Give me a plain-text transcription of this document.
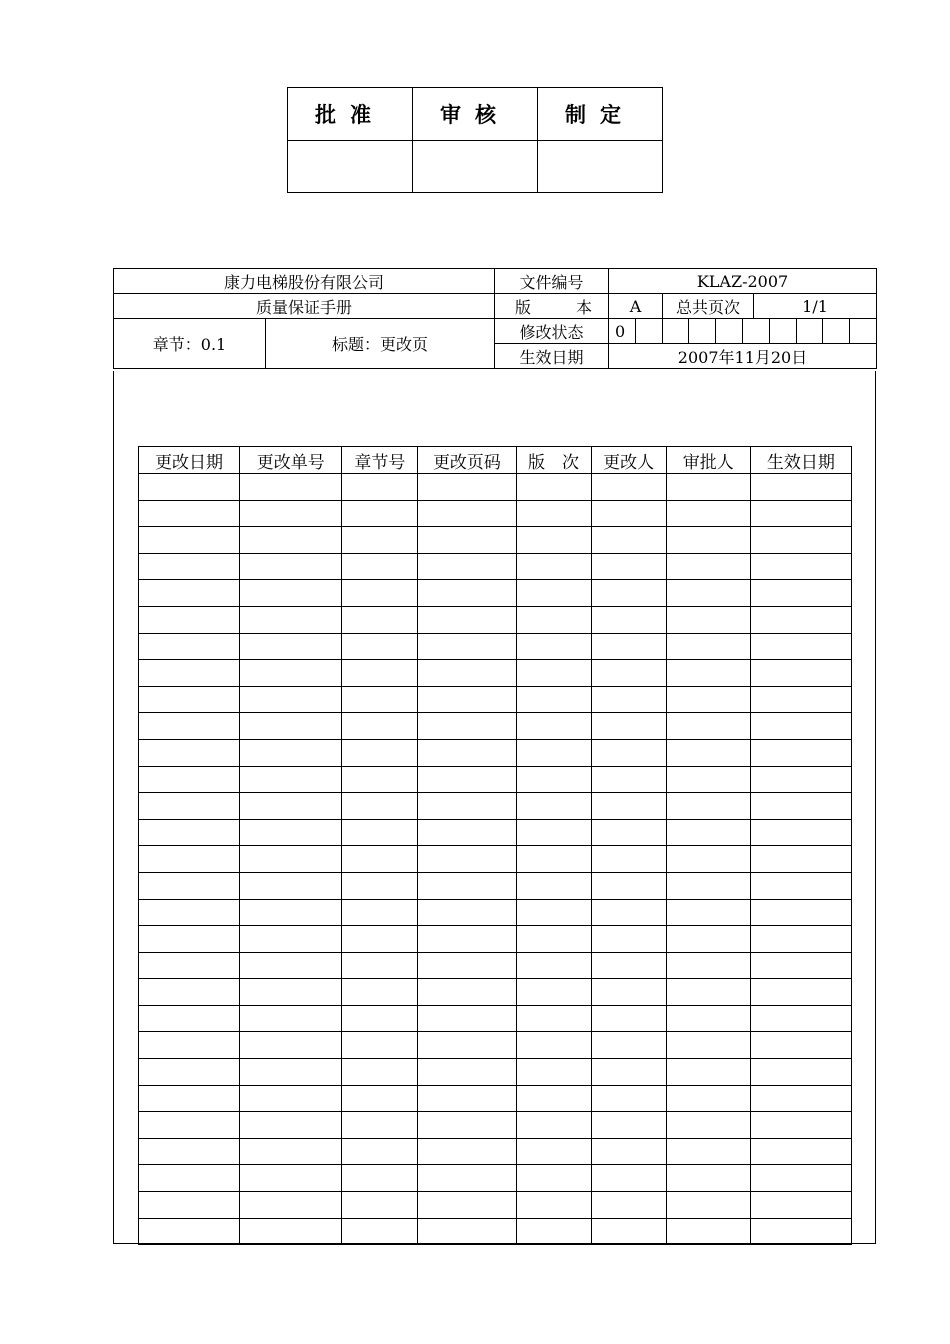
批准	审核	制定

康力电梯股份有限公司		文件编号	KLAZ-2007		
质量保证手册		版 本	A	总共页次	1/1
章节：0.1	标题：更改页	修改状态	0		

		生效日期	2007年11月20日		
更改日期	更改单号	章节号	更改页码	版　次	更改人	审批人	生效日期
